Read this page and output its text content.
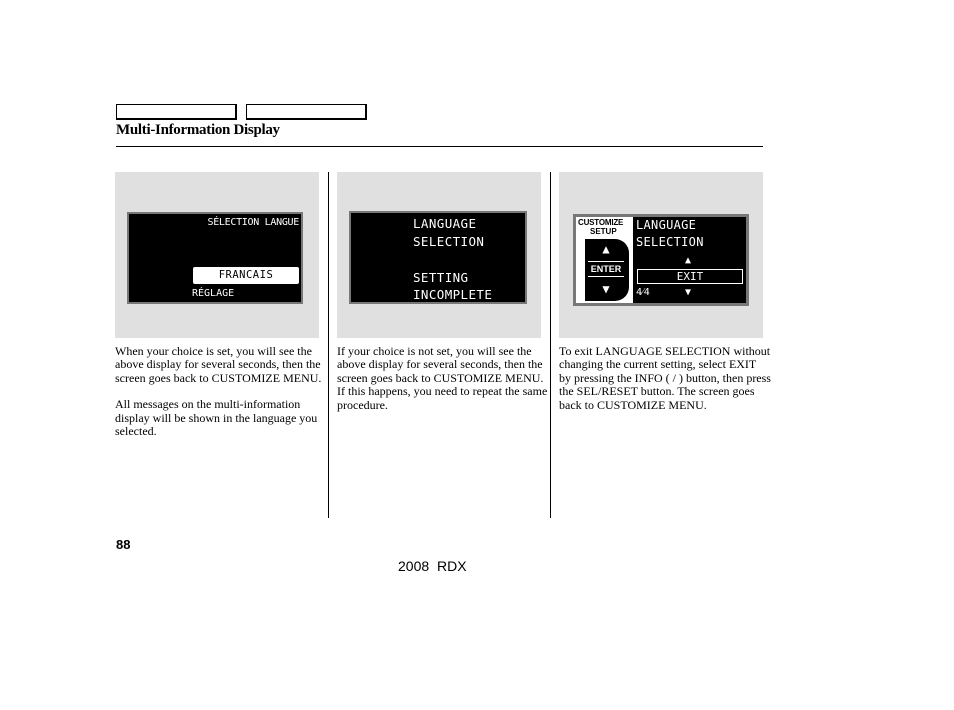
Multi-Information Display
SÉLECTION LANGUE
FRANCAIS
RÉGLAGE

When your choice is set, you will see the above display for several seconds, then the screen goes back to CUSTOMIZE MENU.

All messages on the multi-information display will be shown in the language you selected.

LANGUAGE
SELECTION
SETTING
INCOMPLETE

If your choice is not set, you will see the above display for several seconds, then the screen goes back to CUSTOMIZE MENU. If this happens, you need to repeat the same procedure.

CUSTOMIZE
SETUP
▲
ENTER
▼
LANGUAGE
SELECTION
▲
EXIT
▼
4⁄4

To exit LANGUAGE SELECTION without changing the current setting, select EXIT by pressing the INFO ( / ) button, then press the SEL/RESET button. The screen goes back to CUSTOMIZE MENU.

88
2008 RDX
